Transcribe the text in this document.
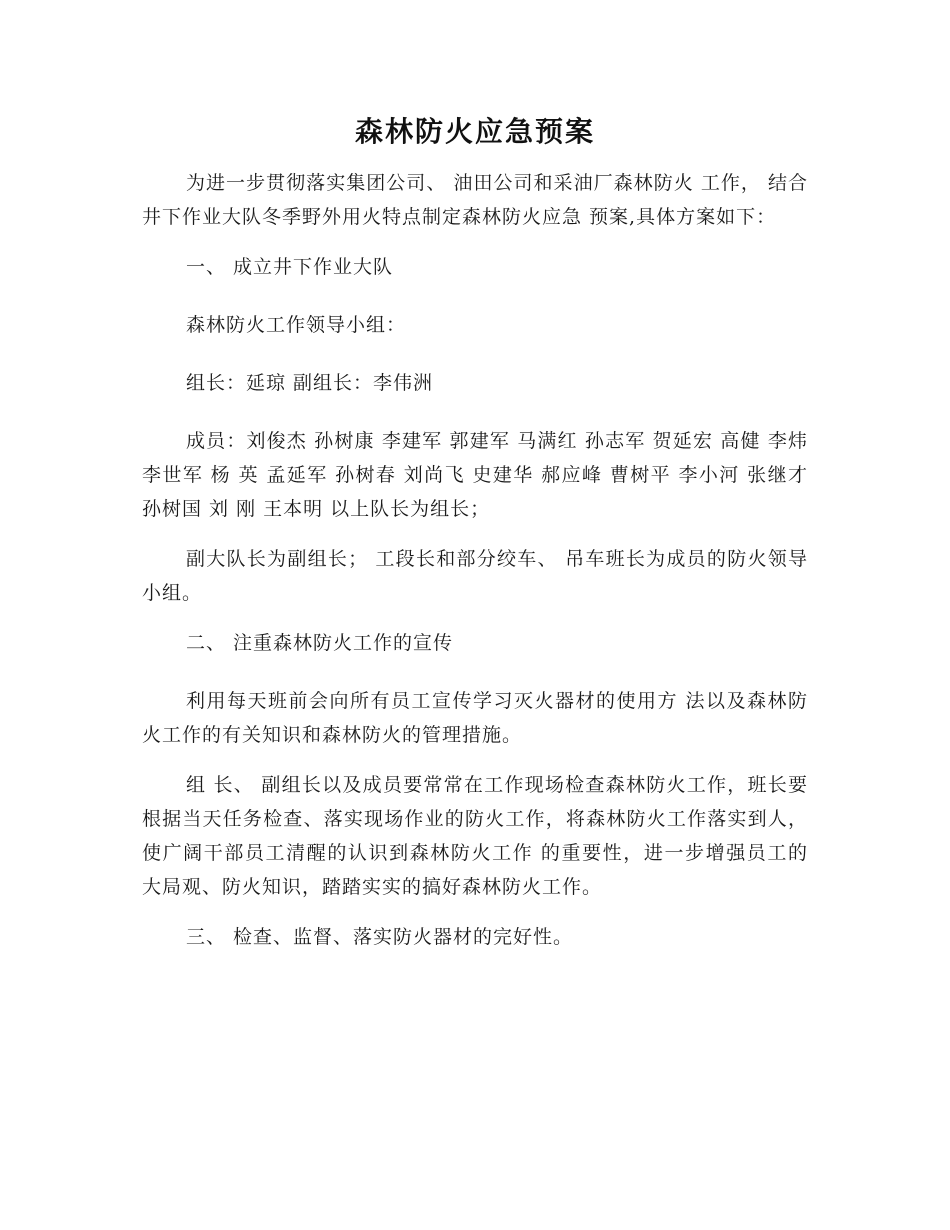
森林防火应急预案

为进一步贯彻落实集团公司、 油田公司和采油厂森林防火 工作， 结合井下作业大队冬季野外用火特点制定森林防火应急 预案,具体方案如下：

一、 成立井下作业大队

森林防火工作领导小组：

组长：延琼 副组长：李伟洲

成员：刘俊杰 孙树康 李建军 郭建军 马满红 孙志军 贺延宏 高健 李炜 李世军 杨 英 孟延军 孙树春 刘尚飞 史建华 郝应峰 曹树平 李小河 张继才 孙树国 刘 刚 王本明 以上队长为组长；

副大队长为副组长； 工段长和部分绞车、 吊车班长为成员的防火领导小组。

二、 注重森林防火工作的宣传

利用每天班前会向所有员工宣传学习灭火器材的使用方 法以及森林防火工作的有关知识和森林防火的管理措施。

组 长、 副组长以及成员要常常在工作现场检查森林防火工作，班长要根据当天任务检查、落实现场作业的防火工作，将森林防火工作落实到人，使广阔干部员工清醒的认识到森林防火工作 的重要性，进一步增强员工的大局观、防火知识，踏踏实实的搞好森林防火工作。

三、 检查、监督、落实防火器材的完好性。
